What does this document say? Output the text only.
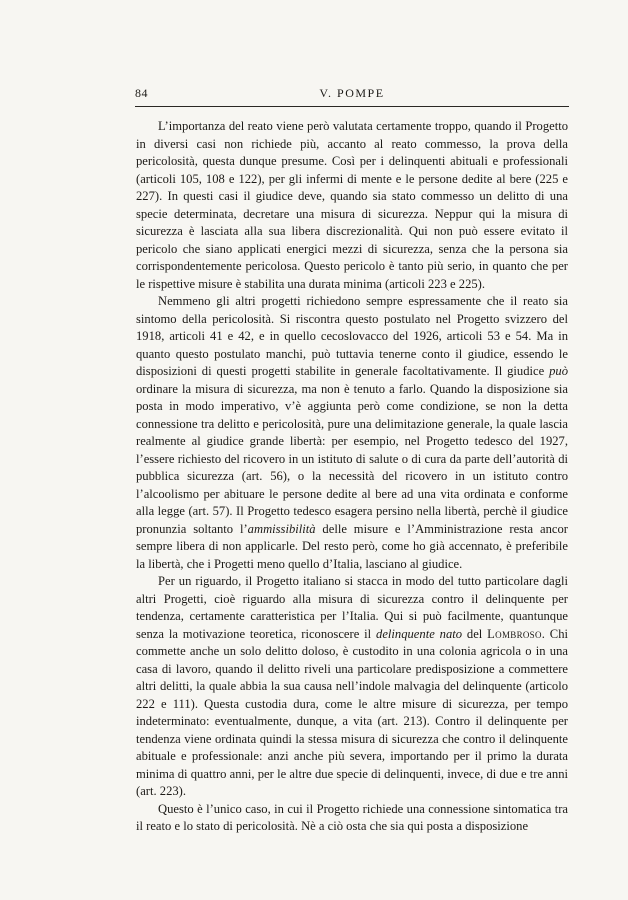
84	V. POMPE

L’importanza del reato viene però valutata certamente troppo, quando il Progetto in diversi casi non richiede più, accanto al reato commesso, la prova della pericolosità, questa dunque presume. Così per i delinquenti abituali e professionali (articoli 105, 108 e 122), per gli infermi di mente e le persone dedite al bere (225 e 227). In questi casi il giudice deve, quando sia stato commesso un delitto di una specie determinata, decretare una misura di sicurezza. Neppur qui la misura di sicurezza è lasciata alla sua libera discrezionalità. Qui non può essere evitato il pericolo che siano applicati energici mezzi di sicurezza, senza che la persona sia corrispondentemente pericolosa. Questo pericolo è tanto più serio, in quanto che per le rispettive misure è stabilita una durata minima (articoli 223 e 225).

Nemmeno gli altri progetti richiedono sempre espressamente che il reato sia sintomo della pericolosità. Si riscontra questo postulato nel Progetto svizzero del 1918, articoli 41 e 42, e in quello cecoslovacco del 1926, articoli 53 e 54. Ma in quanto questo postulato manchi, può tuttavia tenerne conto il giudice, essendo le disposizioni di questi progetti stabilite in generale facoltativamente. Il giudice può ordinare la misura di sicurezza, ma non è tenuto a farlo. Quando la disposizione sia posta in modo imperativo, v’è aggiunta però come condizione, se non la detta connessione tra delitto e pericolosità, pure una delimitazione generale, la quale lascia realmente al giudice grande libertà: per esempio, nel Progetto tedesco del 1927, l’essere richiesto del ricovero in un istituto di salute o di cura da parte dell’autorità di pubblica sicurezza (art. 56), o la necessità del ricovero in un istituto contro l’alcoolismo per abituare le persone dedite al bere ad una vita ordinata e conforme alla legge (art. 57). Il Progetto tedesco esagera persino nella libertà, perchè il giudice pronunzia soltanto l’ammissibilità delle misure e l’Amministrazione resta ancor sempre libera di non applicarle. Del resto però, come ho già accennato, è preferibile la libertà, che i Progetti meno quello d’Italia, lasciano al giudice.

Per un riguardo, il Progetto italiano si stacca in modo del tutto particolare dagli altri Progetti, cioè riguardo alla misura di sicurezza contro il delinquente per tendenza, certamente caratteristica per l’Italia. Qui si può facilmente, quantunque senza la motivazione teoretica, riconoscere il delinquente nato del Lombroso. Chi commette anche un solo delitto doloso, è custodito in una colonia agricola o in una casa di lavoro, quando il delitto riveli una particolare predisposizione a commettere altri delitti, la quale abbia la sua causa nell’indole malvagia del delinquente (articolo 222 e 111). Questa custodia dura, come le altre misure di sicurezza, per tempo indeterminato: eventualmente, dunque, a vita (art. 213). Contro il delinquente per tendenza viene ordinata quindi la stessa misura di sicurezza che contro il delinquente abituale e professionale: anzi anche più severa, importando per il primo la durata minima di quattro anni, per le altre due specie di delinquenti, invece, di due e tre anni (art. 223).

Questo è l’unico caso, in cui il Progetto richiede una connessione sintomatica tra il reato e lo stato di pericolosità. Nè a ciò osta che sia qui posta a disposizione
